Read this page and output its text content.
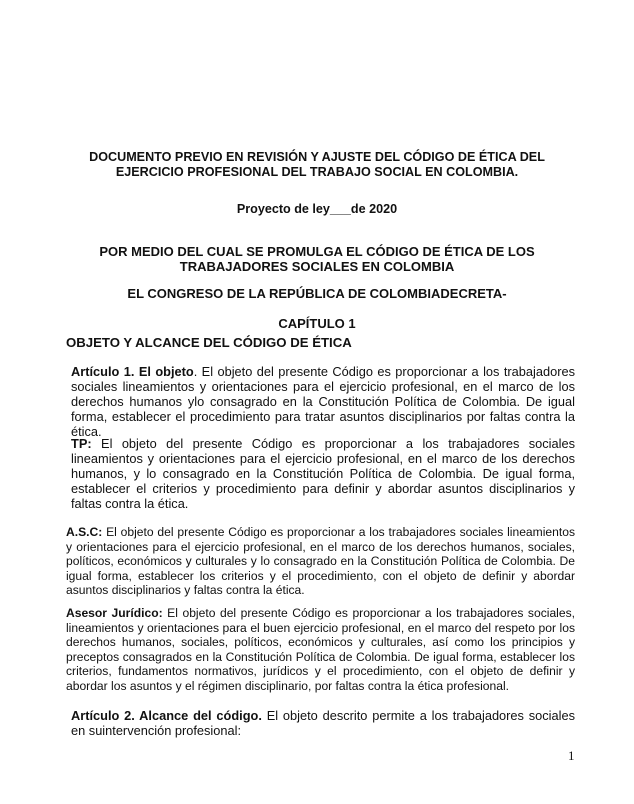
DOCUMENTO PREVIO EN REVISIÓN Y AJUSTE DEL CÓDIGO DE ÉTICA DEL
EJERCICIO PROFESIONAL DEL TRABAJO SOCIAL EN COLOMBIA.
Proyecto de ley___de 2020
POR MEDIO DEL CUAL SE PROMULGA EL CÓDIGO DE ÉTICA DE LOS
TRABAJADORES SOCIALES EN COLOMBIA
EL CONGRESO DE LA REPÚBLICA DE COLOMBIADECRETA-
CAPÍTULO 1
OBJETO Y ALCANCE DEL CÓDIGO DE ÉTICA
Artículo 1. El objeto. El objeto del presente Código es proporcionar a los trabajadores sociales lineamientos y orientaciones para el ejercicio profesional, en el marco de los derechos humanos ylo consagrado en la Constitución Política de Colombia. De igual forma, establecer el procedimiento para tratar asuntos disciplinarios por faltas contra la ética.
TP: El objeto del presente Código es proporcionar a los trabajadores sociales lineamientos y orientaciones para el ejercicio profesional, en el marco de los derechos humanos, y lo consagrado en la Constitución Política de Colombia. De igual forma, establecer el criterios y procedimiento para definir y abordar asuntos disciplinarios y faltas contra la ética.
A.S.C: El objeto del presente Código es proporcionar a los trabajadores sociales lineamientos y orientaciones para el ejercicio profesional, en el marco de los derechos humanos, sociales, políticos, económicos y culturales y lo consagrado en la Constitución Política de Colombia. De igual forma, establecer los criterios y el procedimiento, con el objeto de definir y abordar asuntos disciplinarios y faltas contra la ética.
Asesor Jurídico: El objeto del presente Código es proporcionar a los trabajadores sociales, lineamientos y orientaciones para el buen ejercicio profesional, en el marco del respeto por los derechos humanos, sociales, políticos, económicos y culturales, así como los principios y preceptos consagrados en la Constitución Política de Colombia. De igual forma, establecer los criterios, fundamentos normativos, jurídicos y el procedimiento, con el objeto de definir y abordar los asuntos y el régimen disciplinario, por faltas contra la ética profesional.
Artículo 2. Alcance del código. El objeto descrito permite a los trabajadores sociales en suintervención profesional:
1
